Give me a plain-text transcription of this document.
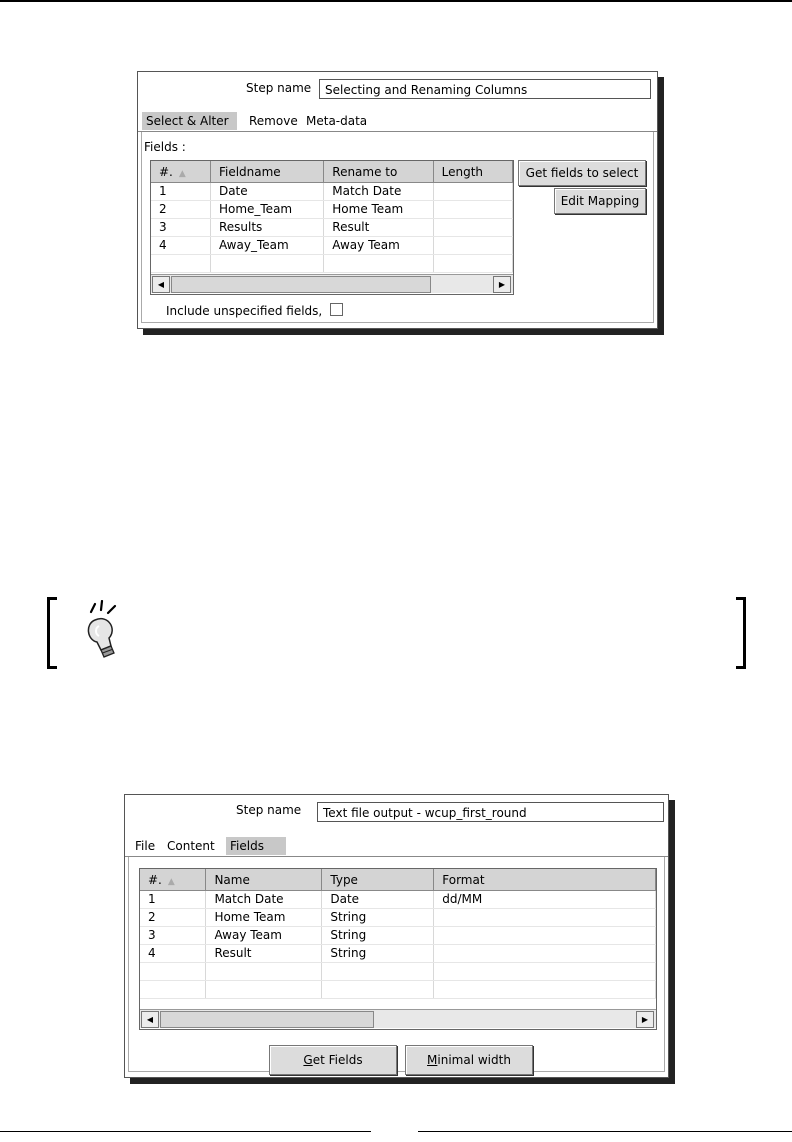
Step name	Selecting and Renaming Columns
Select & Alter	Remove Meta-data
Fields :
#. ▲	Fieldname	Rename to	Length
1	Date	Match Date	
2	Home_Team	Home Team	
3	Results	Result	
4	Away_Team	Away Team	

◀	▶
Get fields to select
Edit Mapping
Include unspecified fields,
Step name	Text file output - wcup_first_round
File Content	Fields
#. ▲	Name	Type	Format
1	Match Date	Date	dd/MM
2	Home Team	String	
3	Away Team	String	
4	Result	String	

◀	▶
Get Fields	Minimal width
